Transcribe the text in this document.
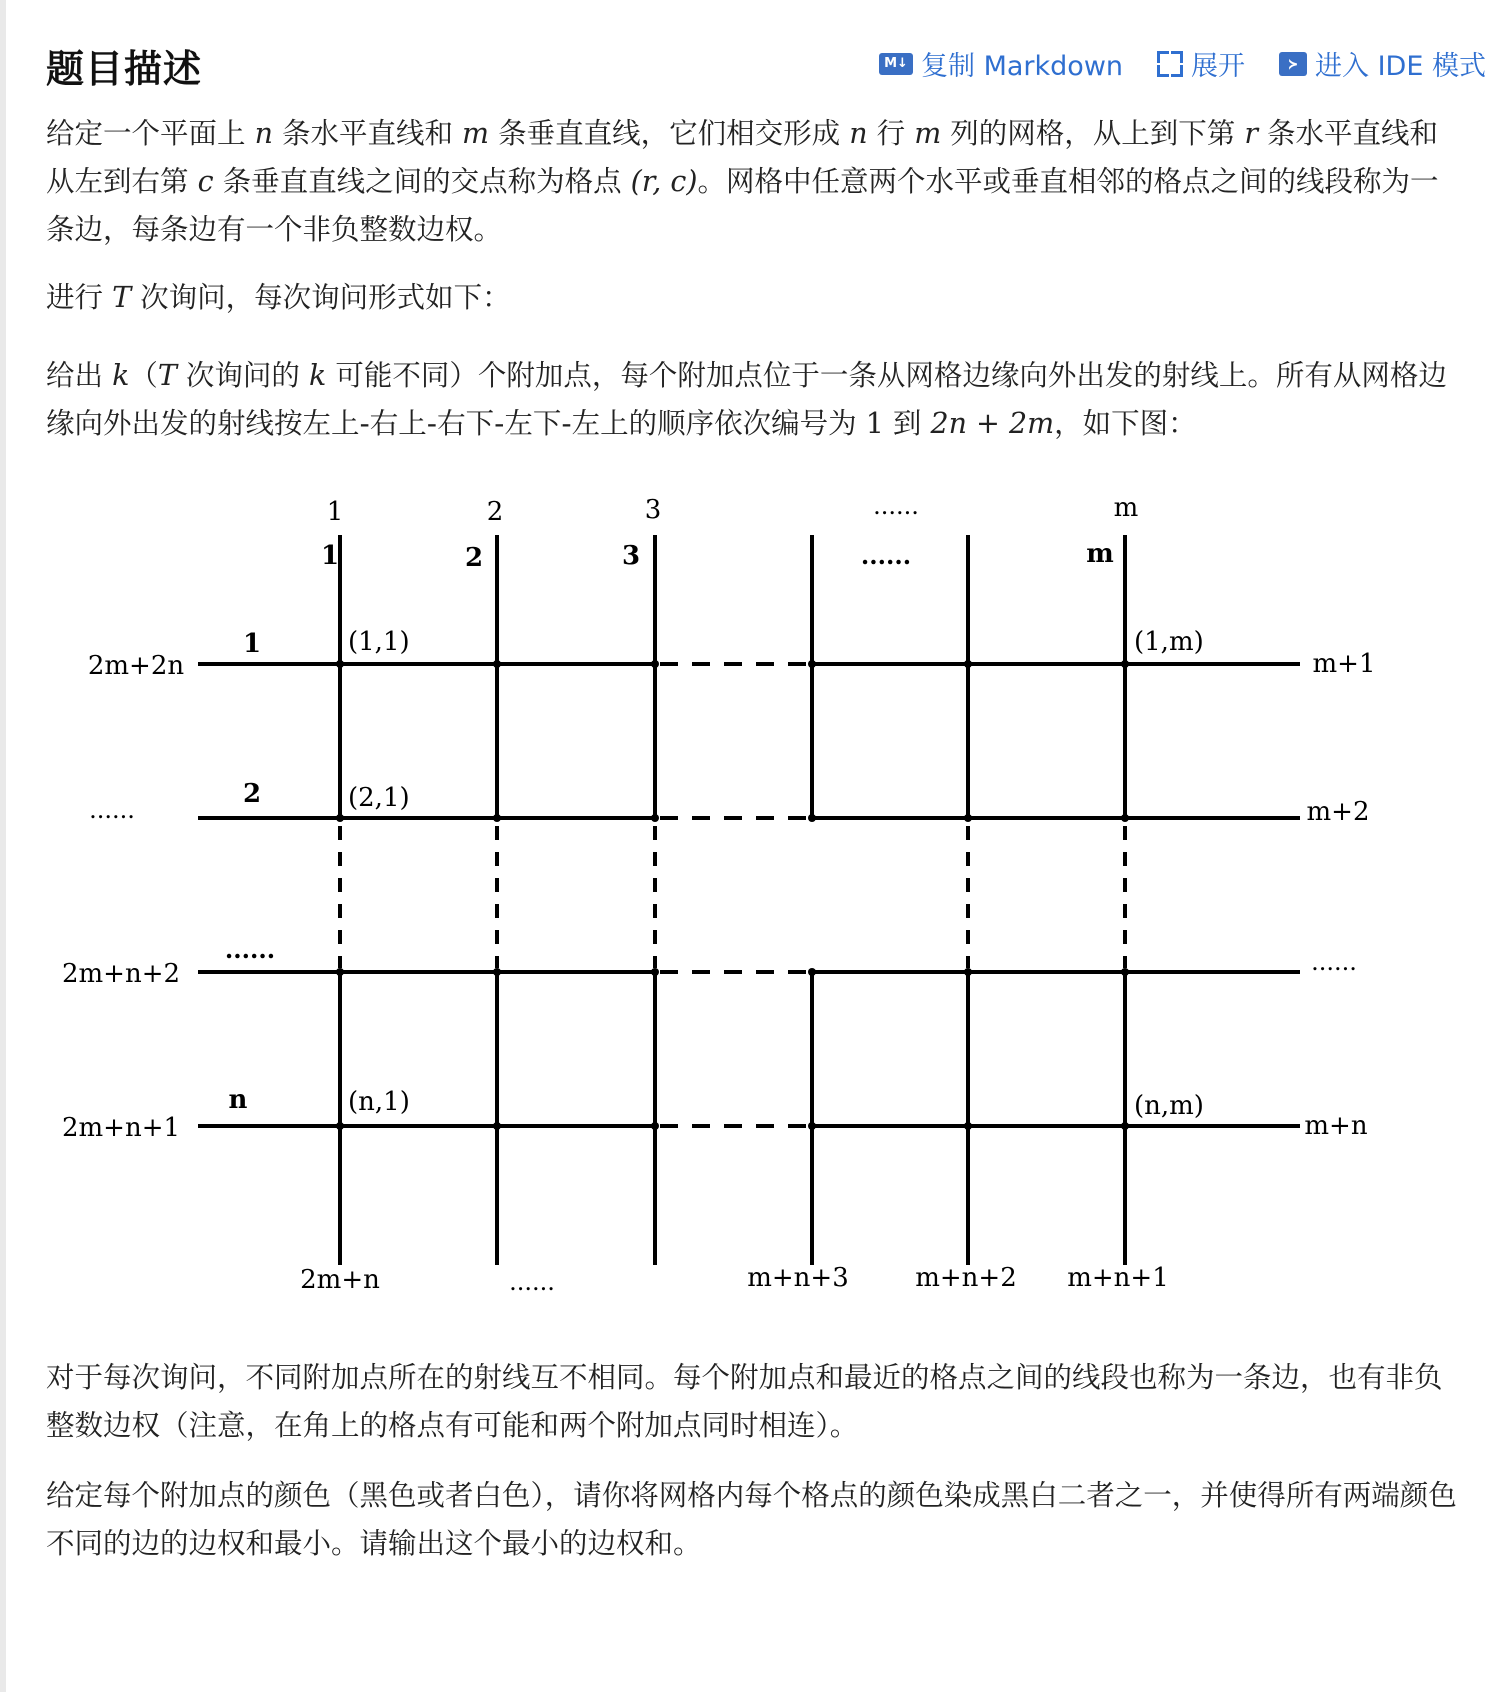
题目描述	M↓ 复制 Markdown	展开	≻ 进入 IDE 模式
给定一个平面上 n 条水平直线和 m 条垂直直线，它们相交形成 n 行 m 列的网格，从上到下第 r 条水平直线和从左到右第 c 条垂直直线之间的交点称为格点 (r, c)。网格中任意两个水平或垂直相邻的格点之间的线段称为一条边，每条边有一个非负整数边权。
进行 T 次询问，每次询问形式如下：
给出 k（T 次询问的 k 可能不同）个附加点，每个附加点位于一条从网格边缘向外出发的射线上。所有从网格边缘向外出发的射线按左上-右上-右下-左下-左上的顺序依次编号为 1 到 2n + 2m，如下图：
1	2	3	......	m
1	2	3	......	m
1
2
......
n
2m+2n
......
2m+n+2
2m+n+1
m+1
m+2
......
m+n
2m+n	......	m+n+3	m+n+2 m+n+1
(1,1)	(1,m)
(2,1)
(n,1)	(n,m)
对于每次询问，不同附加点所在的射线互不相同。每个附加点和最近的格点之间的线段也称为一条边，也有非负整数边权（注意，在角上的格点有可能和两个附加点同时相连）。
给定每个附加点的颜色（黑色或者白色），请你将网格内每个格点的颜色染成黑白二者之一，并使得所有两端颜色不同的边的边权和最小。请输出这个最小的边权和。
